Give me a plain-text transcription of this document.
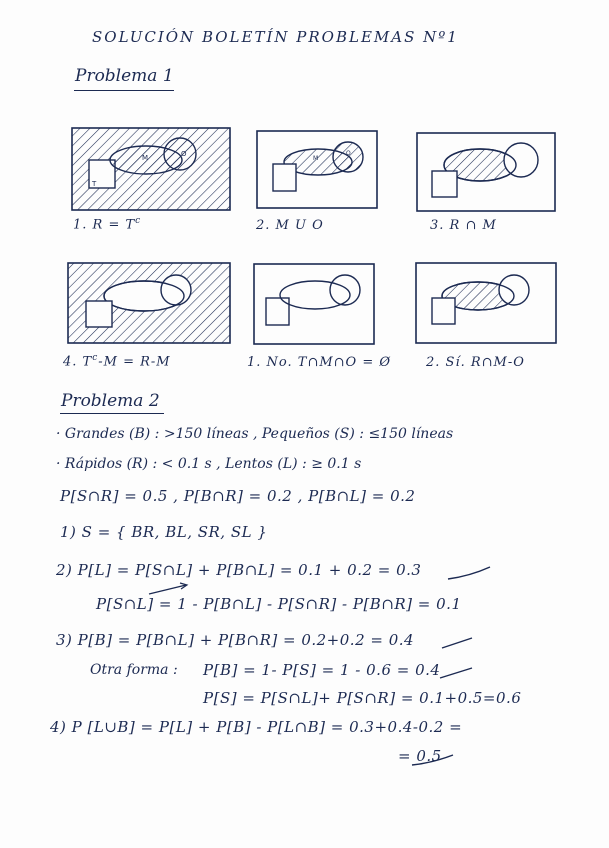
SOLUCIÓN BOLETÍN PROBLEMAS Nº1
Problema 1
T
M	O
M
O
1. $R = T^c$	2. M U O	3. R ∩ M
4. $T^c-M = R-M$	1. No. T∩M∩O = Ø	2. Sí. R∩M-O
Problema 2
· Grandes (B) : >150 líneas , Pequeños (S) : ≤150 líneas
· Rápidos (R) : < 0.1 s , Lentos (L) : ≥ 0.1 s
P[S∩R] = 0.5 , P[B∩R] = 0.2 , P[B∩L] = 0.2
1) S = { BR, BL, SR, SL }
2) P[L] = P[S∩L] + P[B∩L] = 0.1 + 0.2 = 0.3
P[S∩L] = 1 - P[B∩L] - P[S∩R] - P[B∩R] = 0.1
3) P[B] = P[B∩L] + P[B∩R] = 0.2+0.2 = 0.4
Otra forma : P[B] = 1- P[S] = 1 - 0.6 = 0.4
P[S] = P[S∩L]+ P[S∩R] = 0.1+0.5=0.6
4) P [L∪B] = P[L] + P[B] - P[L∩B] = 0.3+0.4-0.2 =
= 0.5
